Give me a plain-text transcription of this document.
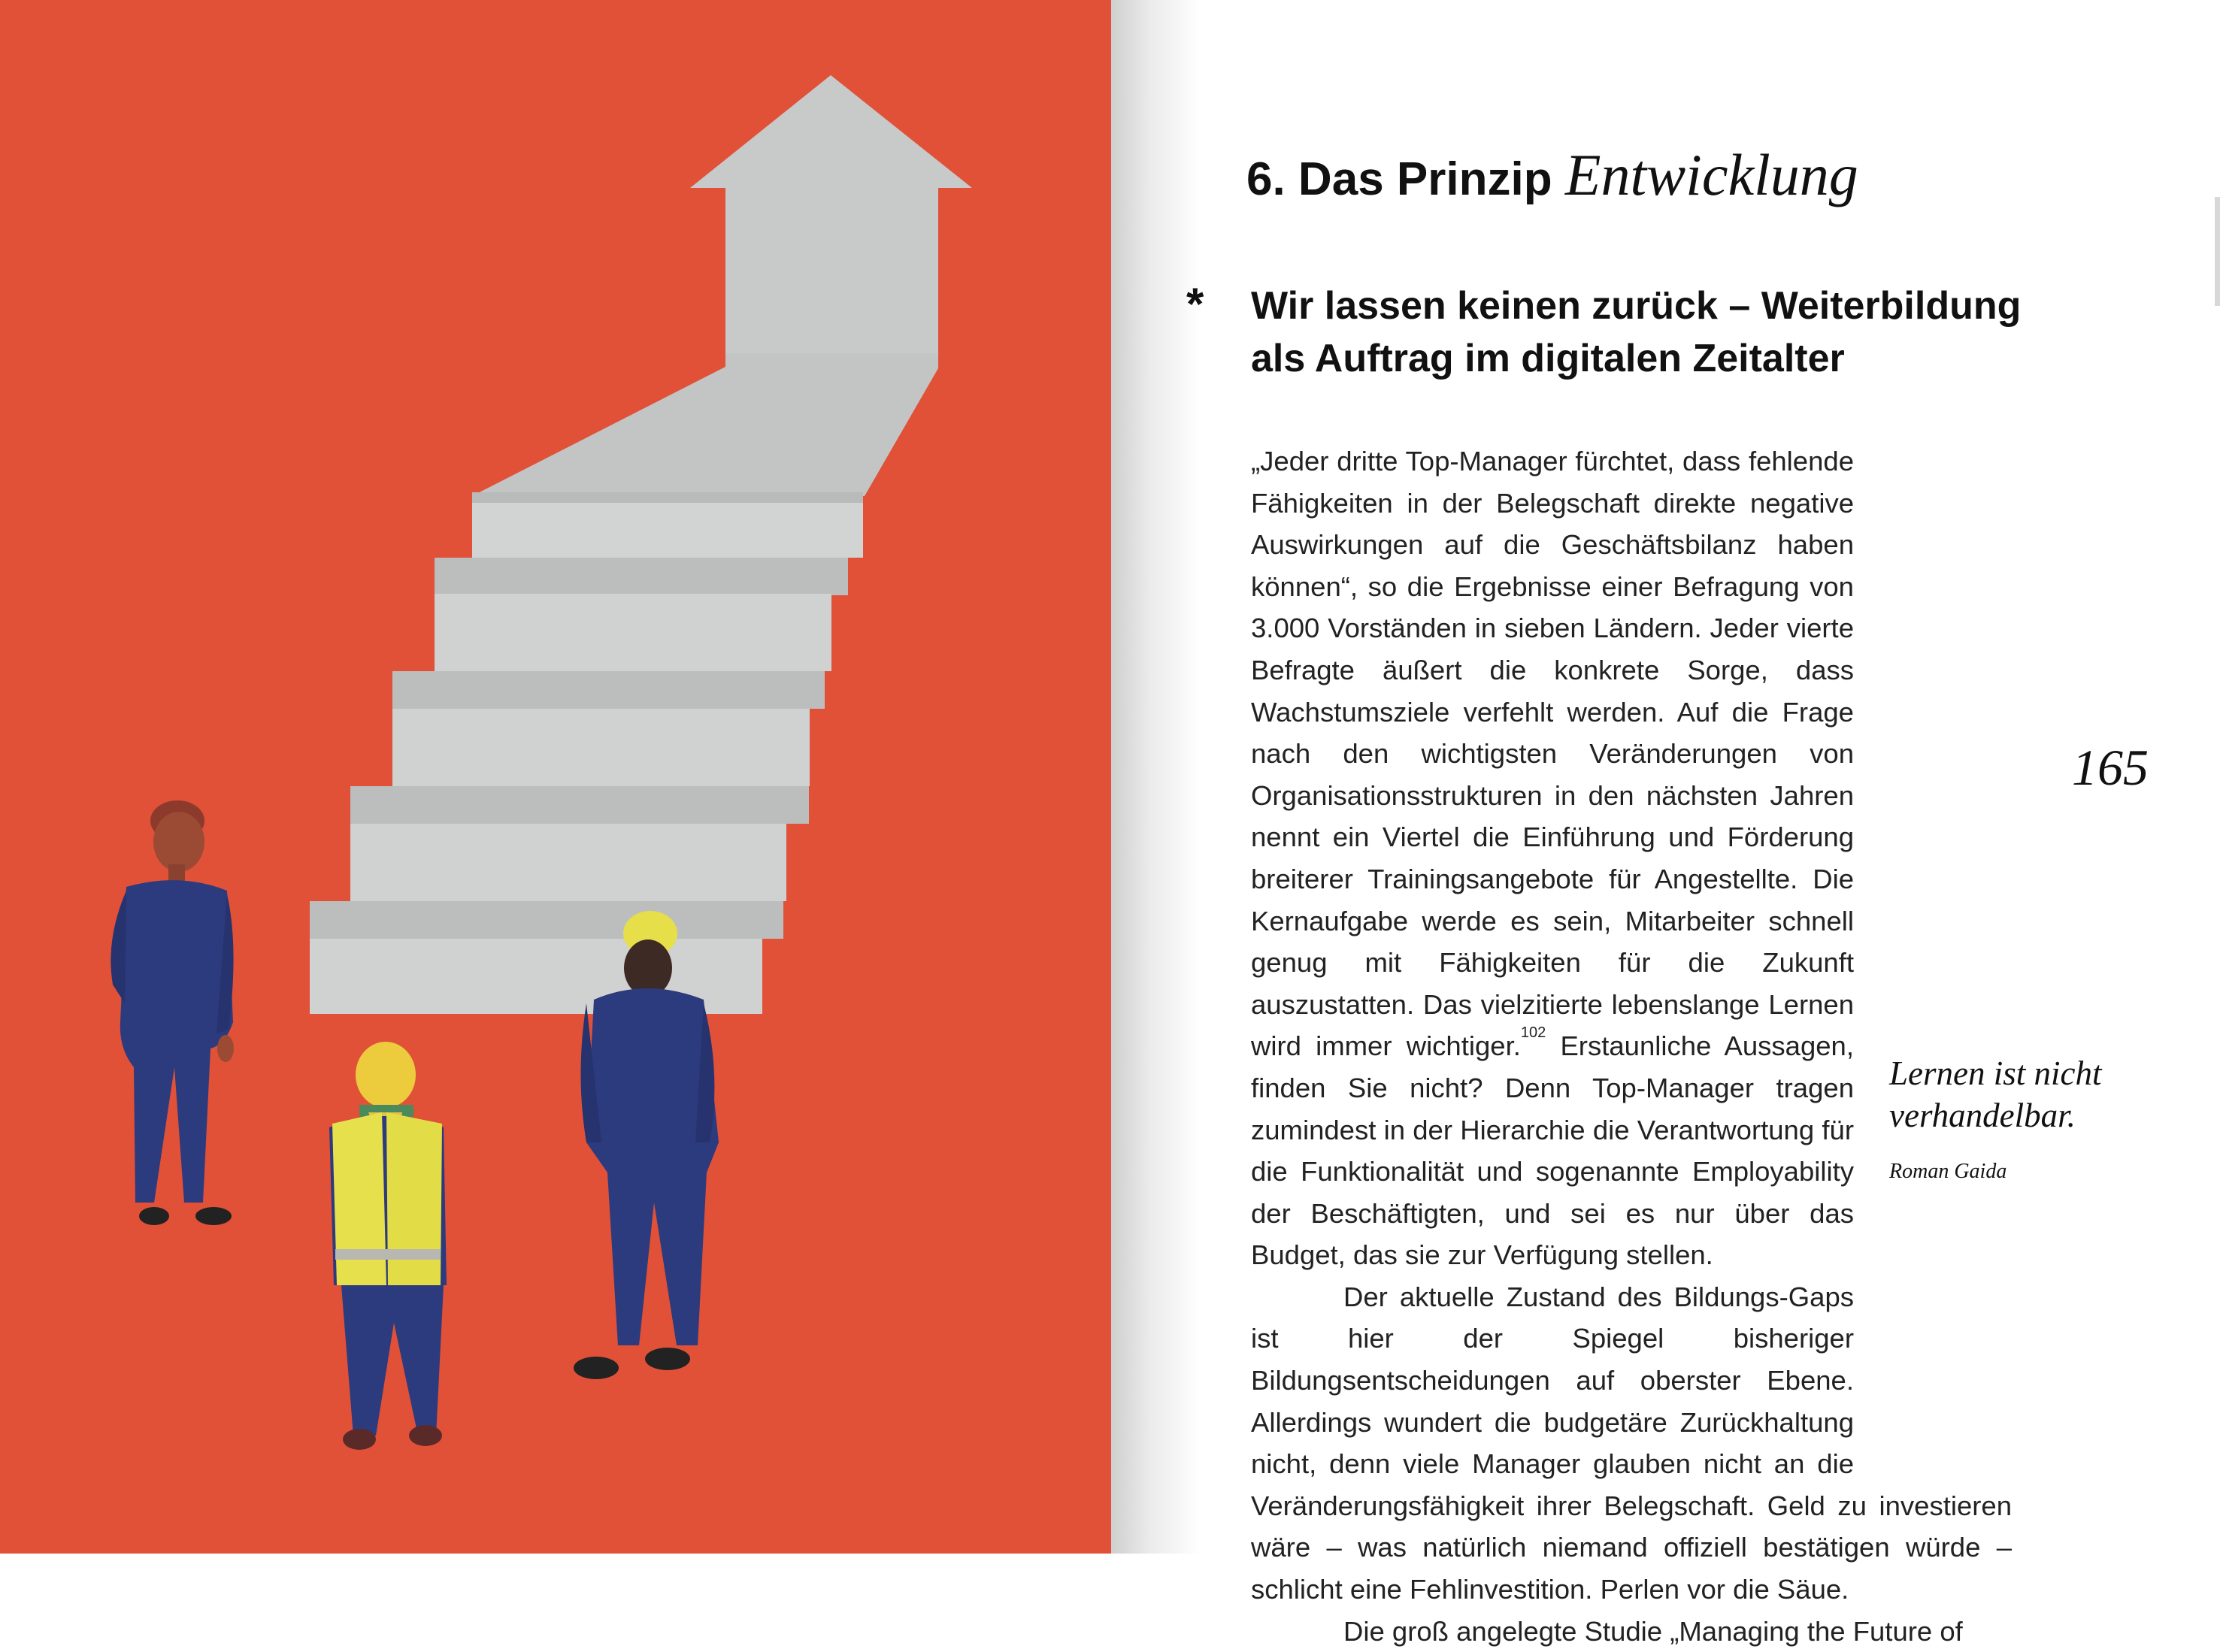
6. Das Prinzip Entwicklung
* Wir lassen keinen zurück – Weiterbildung
als Auftrag im digitalen Zeitalter

„Jeder dritte Top-Manager fürchtet, dass fehlende Fähigkeiten in der Belegschaft direkte negative Auswirkungen auf die Geschäftsbilanz haben können“, so die Ergebnisse einer Befragung von 3.000 Vorständen in sieben Ländern. Jeder vierte Befragte äußert die konkrete Sorge, dass Wachstumsziele verfehlt werden. Auf die Frage nach den wichtigsten Veränderungen von Organisationsstrukturen in den nächsten Jahren nennt ein Viertel die Einführung und Förderung breiterer Trainingsangebote für Angestellte. Die Kernaufgabe werde es sein, Mitarbeiter schnell genug mit Fähigkeiten für die Zukunft auszustatten. Das vielzitierte lebenslange Lernen wird immer wichtiger.$^{102}$ Erstaunliche Aussagen, finden Sie nicht? Denn Top-Manager tragen zumindest in der Hierarchie die Verantwortung für die Funktionalität und sogenannte Employability der Beschäftigten, und sei es nur über das Budget, das sie zur Verfügung stellen.

Der aktuelle Zustand des Bildungs-Gaps ist hier der Spiegel bisheriger Bildungsentscheidungen auf oberster Ebene. Allerdings wundert die budgetäre Zurückhaltung nicht, denn viele Manager glauben nicht an die Veränderungsfähigkeit ihrer Belegschaft. Geld zu investieren wäre – was natürlich niemand offiziell bestätigen würde – schlicht eine Fehlinvestition. Perlen vor die Säue.

Die groß angelegte Studie „Managing the Future of

165
Lernen ist nicht
verhandelbar.
Roman Gaida
